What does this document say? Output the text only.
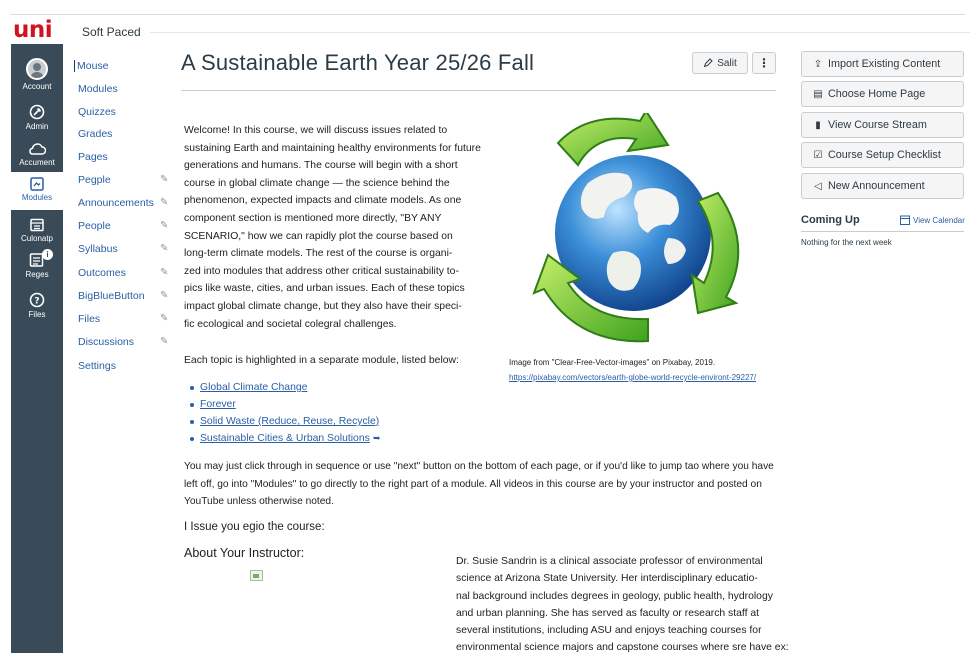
uni Soft Paced
Account
Admin
Accument
Modules
Culonatp
i
Reges
?
Files
Mouse
Modules
Quizzes
Grades
Pages
Pegple	✎
Announcements ✎
People	✎
Syllabus	✎
Outcomes	✎
BigBlueButton ✎
Files	✎
Discussions	✎
Settings
A Sustainable Earth Year 25/26 Fall	Salit	⋮
Welcome! In this course, we will discuss issues related to
sustaining Earth and maintaining healthy environments for future
generations and humans. The course will begin with a short
course in global climate change — the science behind the
phenomenon, expected impacts and climate models. As one
component section is mentioned more directly, "BY ANY
SCENARIO," how we can rapidly plot the course based on
long-term climate models. The rest of the course is organi-
zed into modules that address other critical sustainability to-
pics like waste, cities, and urban issues. Each of these topics
impact global climate change, but they also have their speci-
fic ecological and societal colegral challenges.
Image from "Clear-Free-Vector-images" on Pixabay, 2019.
https://pixabay.com/vectors/earth-globe-world-recycle-environt-29227/
Each topic is highlighted in a separate module, listed below:
Global Climate Change
Forever
Solid Waste (Reduce, Reuse, Recycle)
Sustainable Cities & Urban Solutions ➥
You may just click through in sequence or use "next" button on the bottom of each page, or if you'd like to jump tao where you have left off, go into "Modules" to go directly to the right part of a module. All videos in this course are by your instructor and posted on YouTube unless otherwise noted.
I Issue you egio the course:
About Your Instructor:
Dr. Susie Sandrin is a clinical associate professor of environmental
science at Arizona State University. Her interdisciplinary educatio-
nal background includes degrees in geology, public health, hydrology
and urban planning. She has served as faculty or research staff at
several institutions, including ASU and enjoys teaching courses for
environmental science majors and capstone courses where sre have ex:
⇪ Import Existing Content
▤ Choose Home Page
▮ View Course Stream
☑ Course Setup Checklist
◁ New Announcement
Coming Up	View Calendar
Nothing for the next week
